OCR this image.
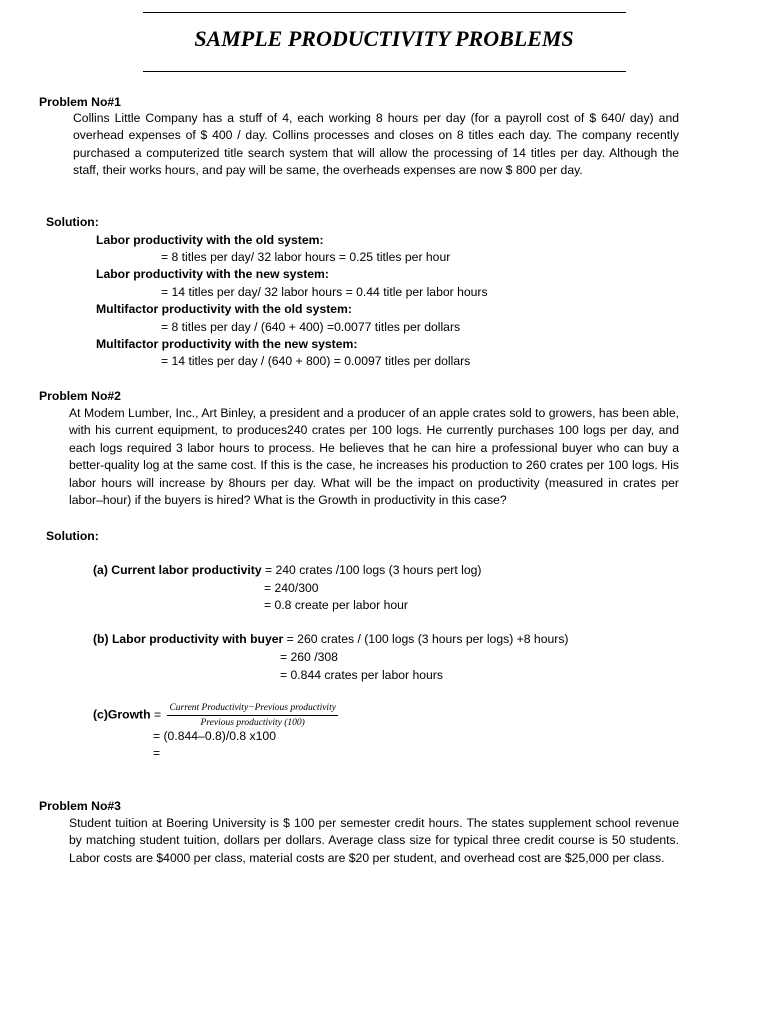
SAMPLE PRODUCTIVITY PROBLEMS
Problem No#1
Collins Little Company has a stuff of 4, each working 8 hours per day (for a payroll cost of $ 640/ day) and overhead expenses of $ 400 / day. Collins processes and closes on 8 titles each day. The company recently purchased a computerized title search system that will allow the processing of 14 titles per day. Although the staff, their works hours, and pay will be same, the overheads expenses are now $ 800 per day.
Solution:
Labor productivity with the old system:
= 8 titles per day/ 32 labor hours = 0.25 titles per hour
Labor productivity with the new system:
= 14 titles per day/ 32 labor hours = 0.44 title per labor hours
Multifactor productivity with the old system:
= 8 titles per day / (640 + 400) =0.0077 titles per dollars
Multifactor productivity with the new system:
= 14 titles per day / (640 + 800) = 0.0097 titles per dollars
Problem No#2
At Modem Lumber, Inc., Art Binley, a president and a producer of an apple crates sold to growers, has been able, with his current equipment, to produces240 crates per 100 logs. He currently purchases 100 logs per day, and each logs required 3 labor hours to process. He believes that he can hire a professional buyer who can buy a better-quality log at the same cost. If this is the case, he increases his production to 260 crates per 100 logs. His labor hours will increase by 8hours per day. What will be the impact on productivity (measured in crates per labor–hour) if the buyers is hired? What is the Growth in productivity in this case?
Solution:
(a) Current labor productivity = 240 crates /100 logs (3 hours pert log)
= 240/300
= 0.8 create per labor hour
(b) Labor productivity with buyer = 260 crates / (100 logs (3 hours per logs) +8 hours)
= 260 /308
= 0.844 crates per labor hours
(c)Growth = $\frac{\text{Current Productivity−Previous productivity}}{\text{Previous productivity (100)}}$
= (0.844–0.8)/0.8 x100
=
Problem No#3
Student tuition at Boering University is $ 100 per semester credit hours. The states supplement school revenue by matching student tuition, dollars per dollars. Average class size for typical three credit course is 50 students. Labor costs are $4000 per class, material costs are $20 per student, and overhead cost are $25,000 per class.
